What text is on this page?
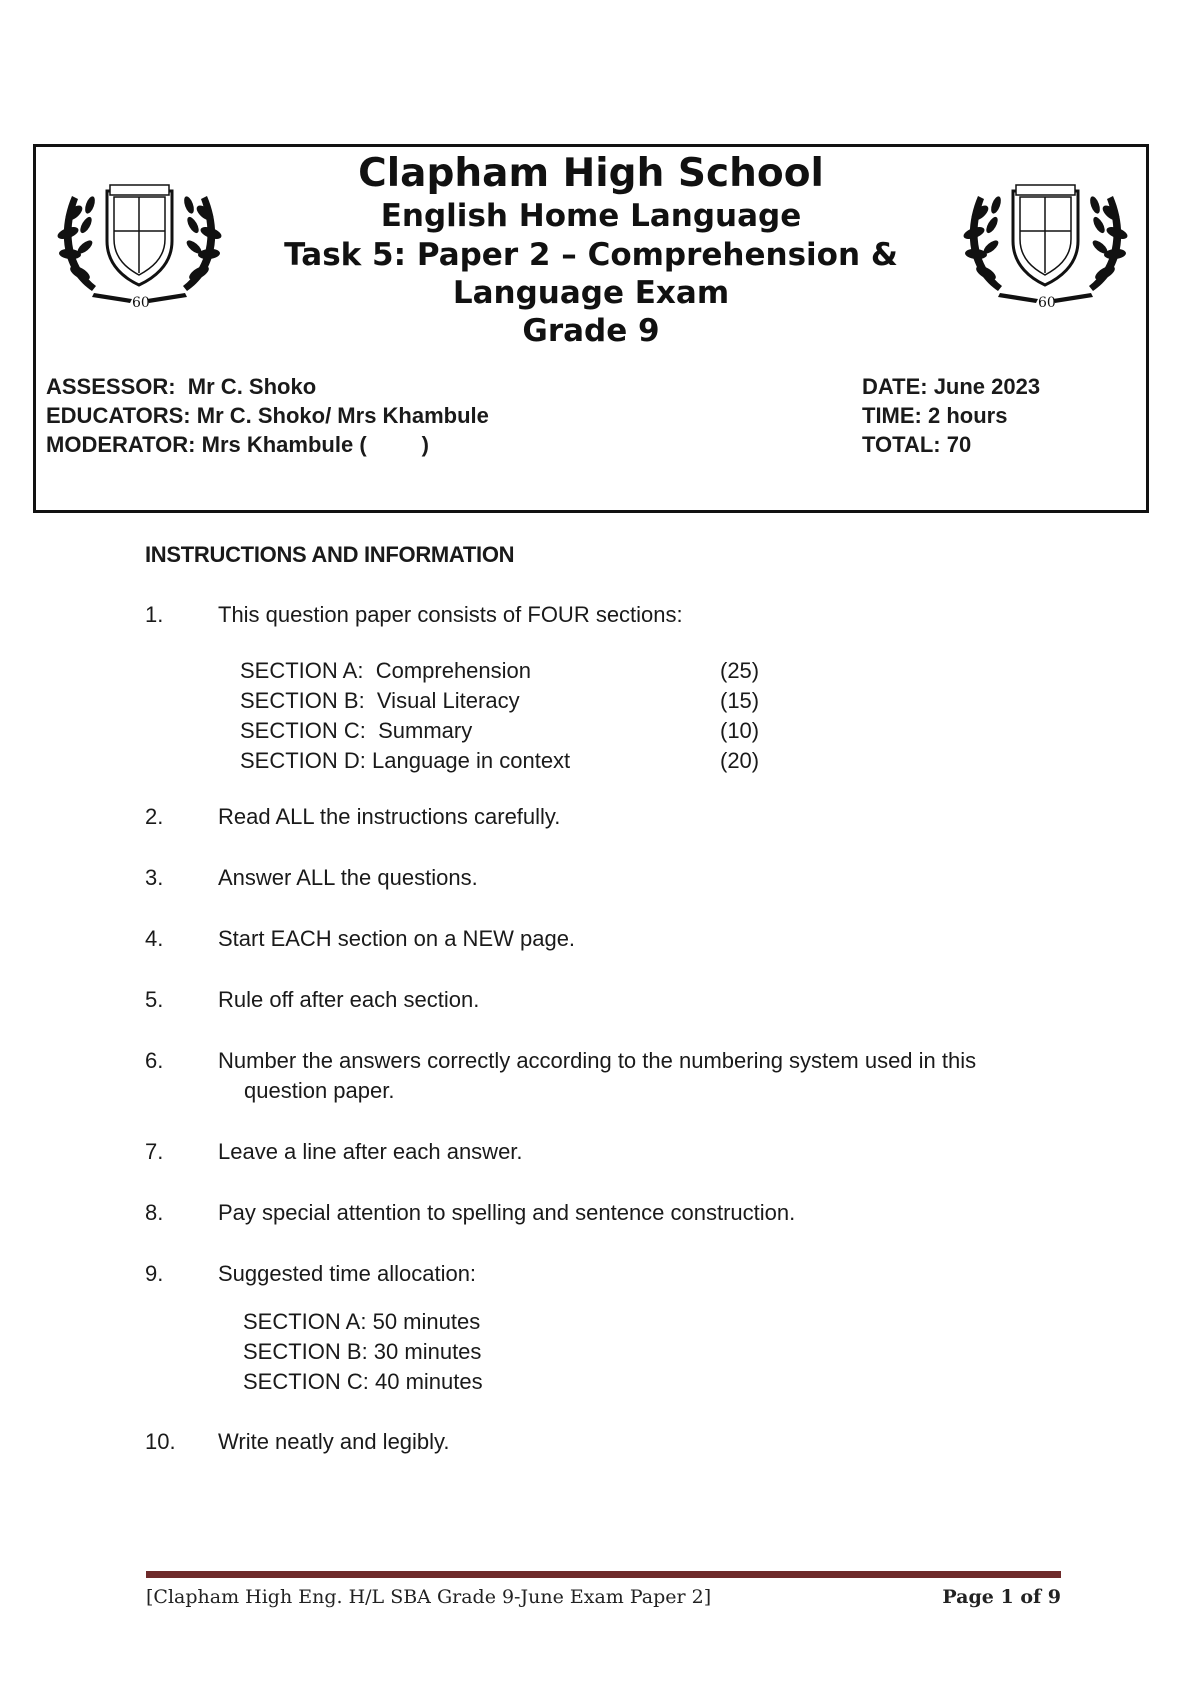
60	60
Clapham High School
English Home Language
Task 5: Paper 2 – Comprehension &
Language Exam
Grade 9
ASSESSOR:  Mr C. Shoko
EDUCATORS: Mr C. Shoko/ Mrs Khambule
MODERATOR: Mrs Khambule (         )
DATE: June 2023
TIME: 2 hours
TOTAL: 70
INSTRUCTIONS AND INFORMATION
1.	This question paper consists of FOUR sections:
SECTION A:  Comprehension	(25)
SECTION B:  Visual Literacy	(15)
SECTION C:  Summary	(10)
SECTION D: Language in context	(20)
2.	Read ALL the instructions carefully.
3.	Answer ALL the questions.
4.	Start EACH section on a NEW page.
5.	Rule off after each section.
6.	Number the answers correctly according to the numbering system used in this
question paper.
7.	Leave a line after each answer.
8.	Pay special attention to spelling and sentence construction.
9.	Suggested time allocation:
SECTION A: 50 minutes
SECTION B: 30 minutes
SECTION C: 40 minutes
10.	Write neatly and legibly.
[Clapham High Eng. H/L SBA Grade 9-June Exam Paper 2]	Page 1 of 9
